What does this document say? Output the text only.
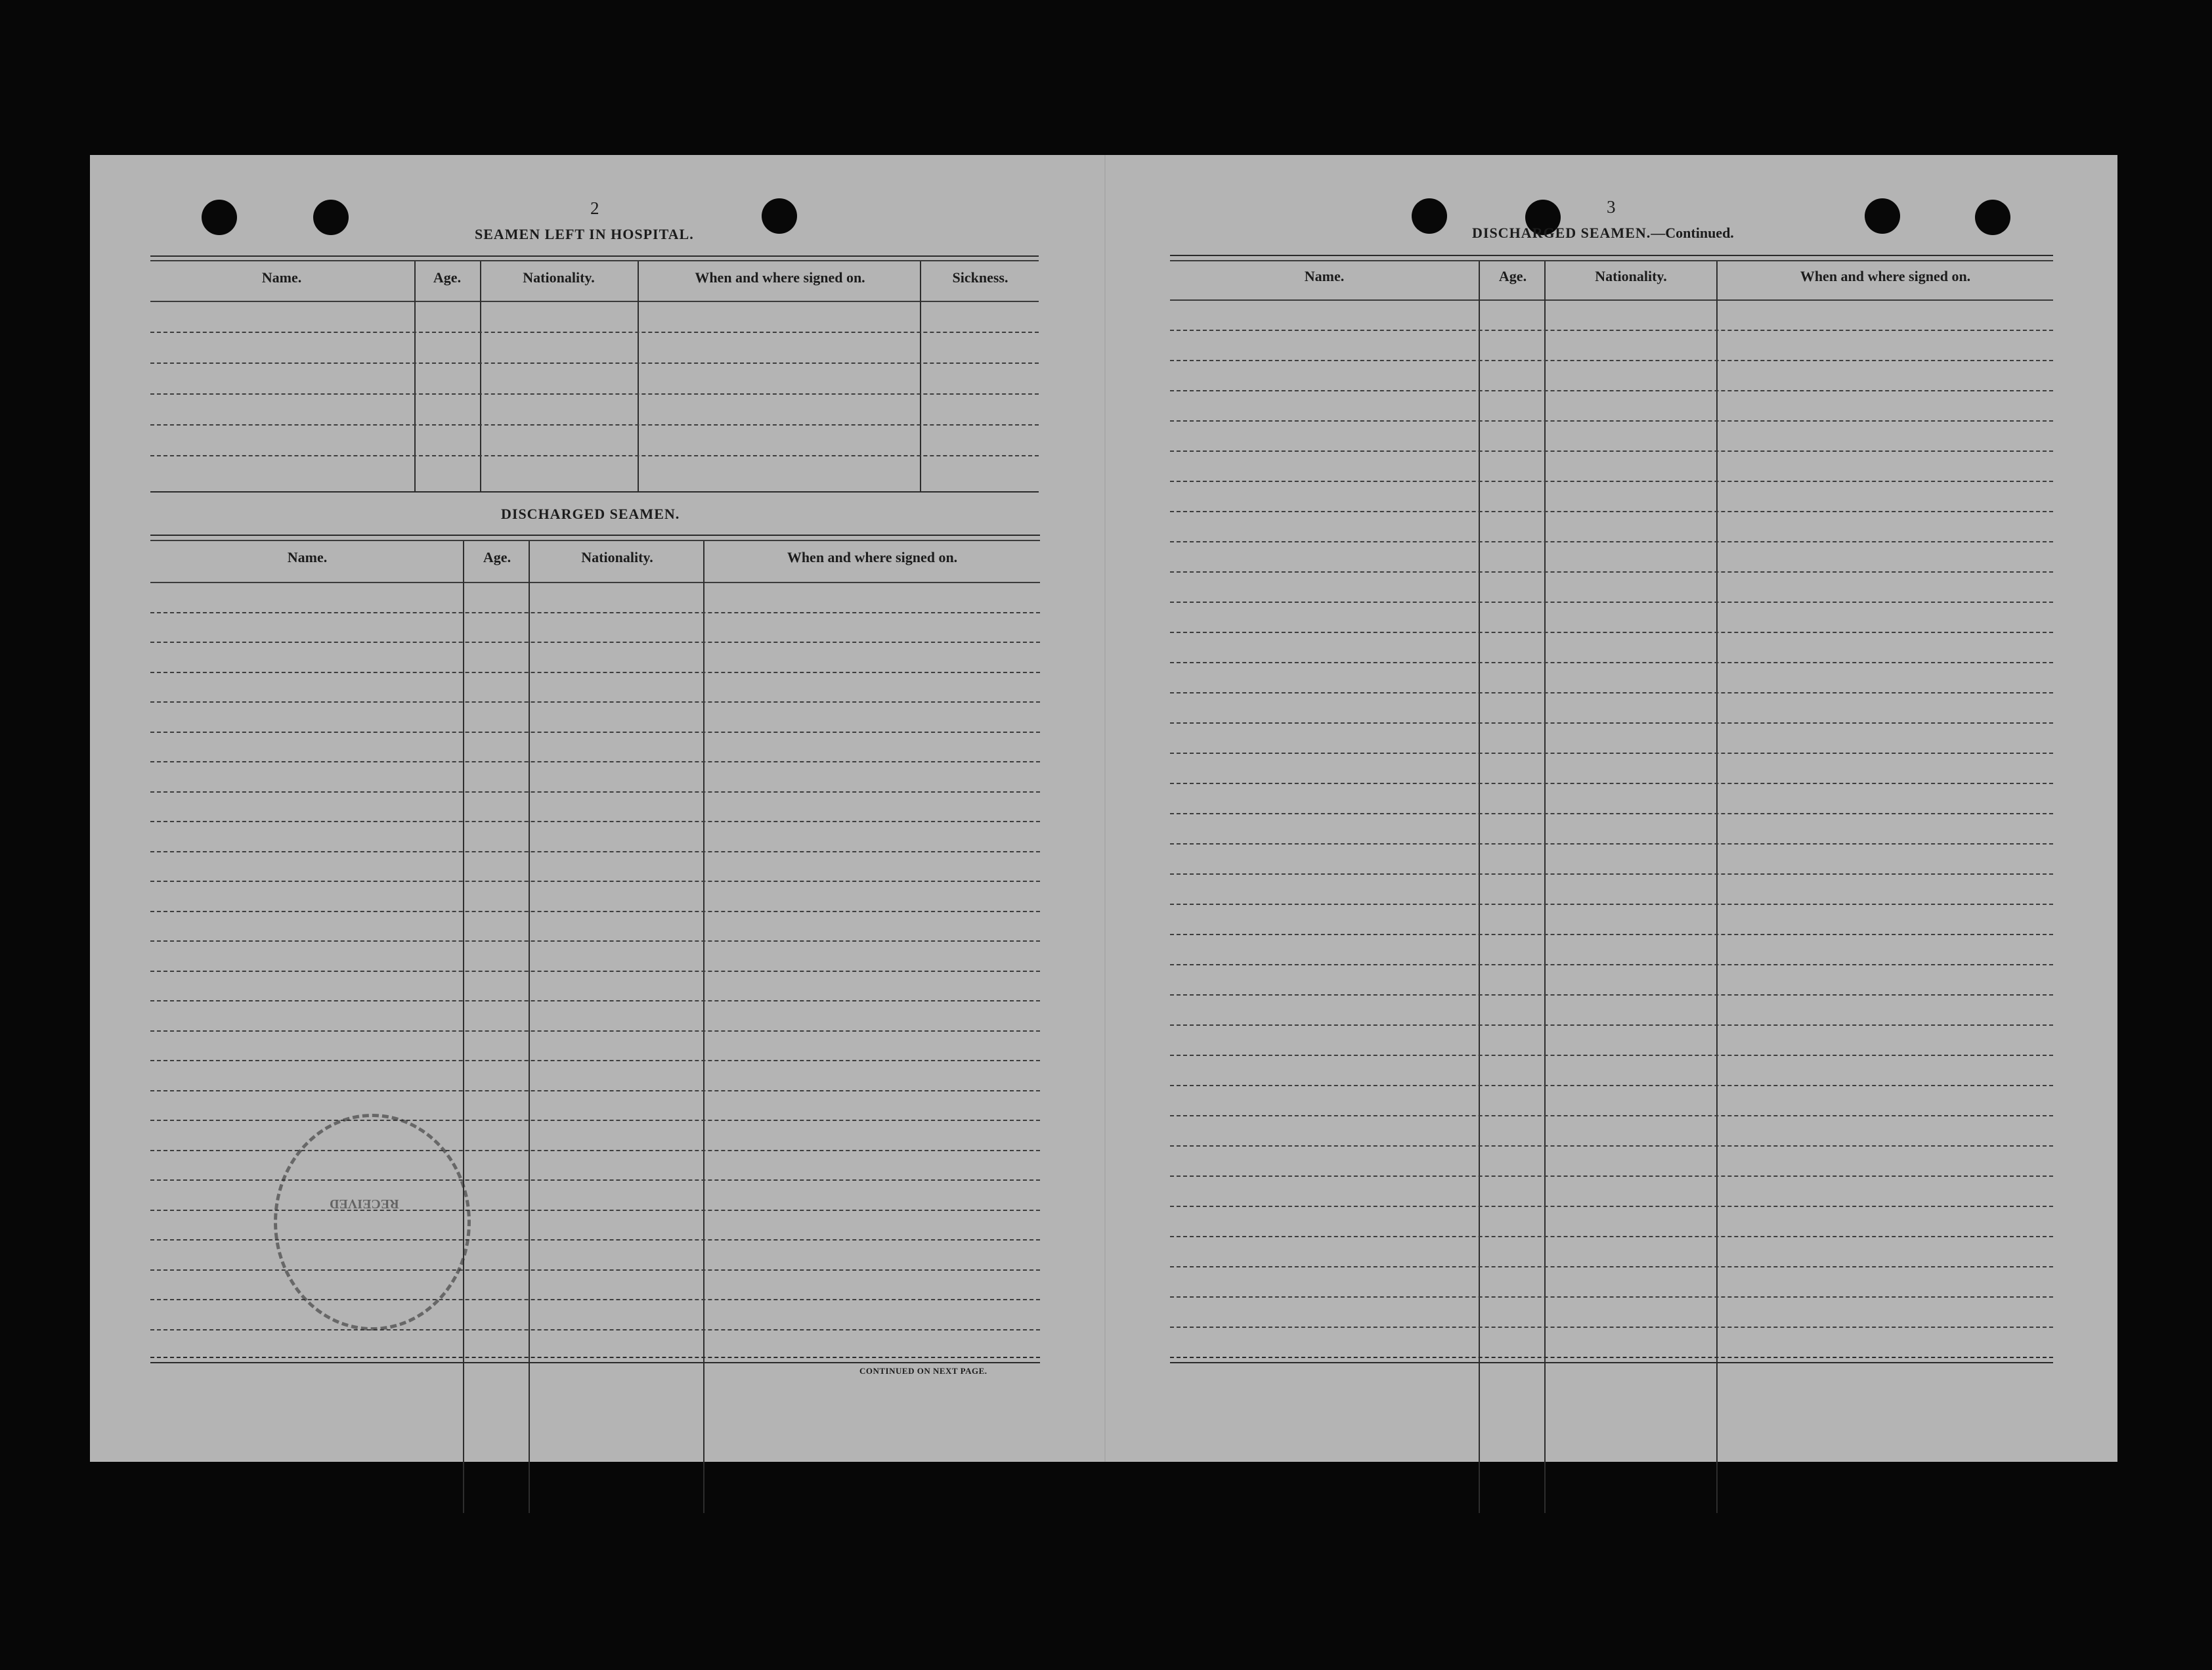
2
SEAMEN LEFT IN HOSPITAL.
Name.	Age.	Nationality.	When and where signed on.	Sickness.
DISCHARGED SEAMEN.
Name.	Age.	Nationality.	When and where signed on.
CONTINUED ON NEXT PAGE.
RECEIVED
3
DISCHARGED SEAMEN.—Continued.
Name.	Age.	Nationality.	When and where signed on.
